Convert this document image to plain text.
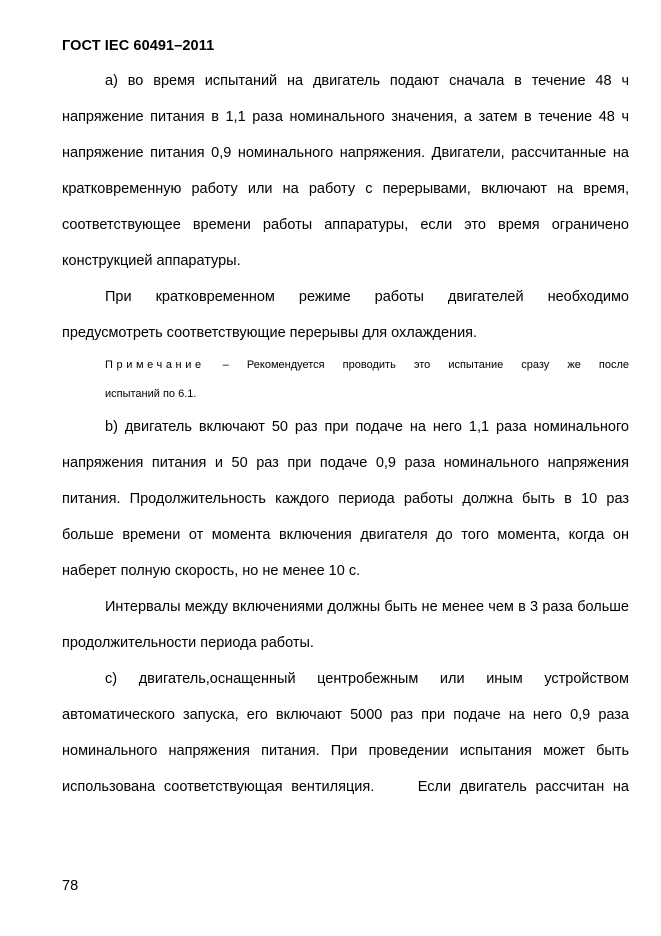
ГОСТ IEC 60491–2011

а) во время испытаний на двигатель подают сначала в течение 48 ч напряжение питания в 1,1 раза номинального значения, а затем в течение 48 ч напряжение питания 0,9 номинального напряжения. Двигатели, рассчитанные на кратковременную работу или на работу с перерывами, включают на время, соответствующее времени работы аппаратуры, если это время ограничено конструкцией аппаратуры.

При кратковременном режиме работы двигателей необходимо предусмотреть соответствующие перерывы для охлаждения.

Примечание – Рекомендуется проводить это испытание сразу же после

испытаний по 6.1.

b) двигатель включают 50 раз при подаче на него 1,1 раза номинального напряжения питания и 50 раз при подаче 0,9 раза номинального напряжения питания. Продолжительность каждого периода работы должна быть в 10 раз больше времени от момента включения двигателя до того момента, когда он наберет полную скорость, но не менее 10 с.

Интервалы между включениями должны быть не менее чем в 3 раза больше продолжительности периода работы.

с) двигатель,оснащенный центробежным или иным устройством автоматического запуска, его включают 5000 раз при подаче на него 0,9 раза номинального напряжения питания. При проведении испытания может быть использована соответствующая вентиляция.     Если двигатель рассчитан на

78
